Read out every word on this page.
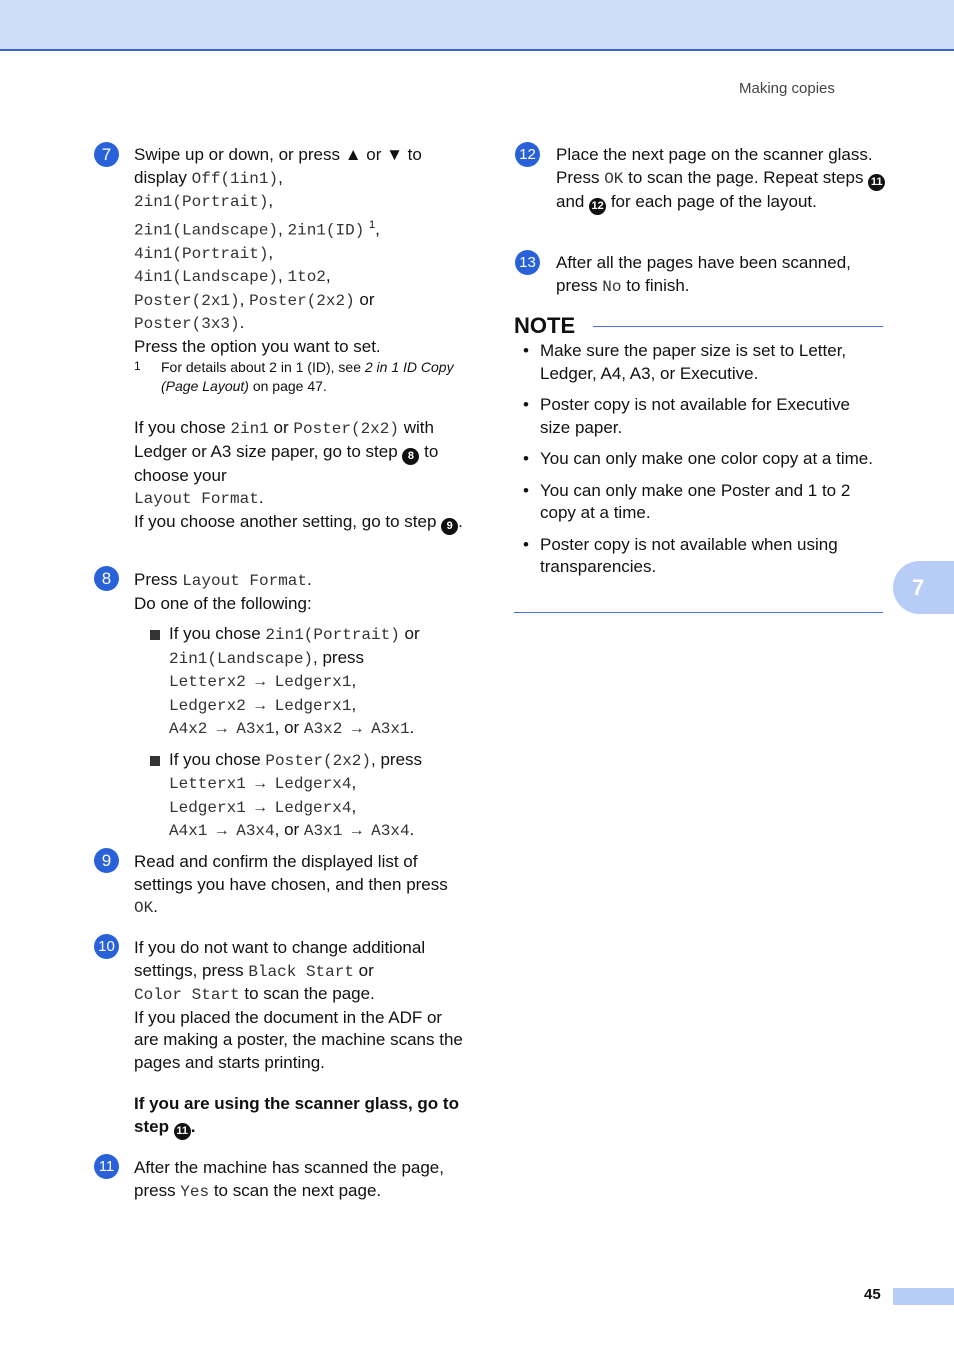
Making copies
7	Swipe up or down, or press ▲ or ▼ to display Off(1in1),
2in1(Portrait),
2in1(Landscape), 2in1(ID) $^1$,
4in1(Portrait),
4in1(Landscape), 1to2,
Poster(2x1), Poster(2x2) or
Poster(3x3).
Press the option you want to set.
1 For details about 2 in 1 (ID), see 2 in 1 ID Copy (Page Layout) on page 47.
If you chose 2in1 or Poster(2x2) with Ledger or A3 size paper, go to step 8 to choose your
Layout Format.
If you choose another setting, go to step 9 .
8	Press Layout Format.
Do one of the following:
If you chose 2in1(Portrait) or
2in1(Landscape), press
Letterx2 → Ledgerx1,
Ledgerx2 → Ledgerx1,
A4x2 → A3x1, or A3x2 → A3x1.
If you chose Poster(2x2), press
Letterx1 → Ledgerx4,
Ledgerx1 → Ledgerx4,
A4x1 → A3x4, or A3x1 → A3x4.
9	Read and confirm the displayed list of settings you have chosen, and then press OK.
10 If you do not want to change additional settings, press Black Start or
Color Start to scan the page.
If you placed the document in the ADF or are making a poster, the machine scans the pages and starts printing.
If you are using the scanner glass, go to step 11 .
11 After the machine has scanned the page, press Yes to scan the next page.
12 Place the next page on the scanner glass. Press OK to scan the page. Repeat steps 11 and 12 for each page of the layout.
13 After all the pages have been scanned, press No to finish.
NOTE
• Make sure the paper size is set to Letter, Ledger, A4, A3, or Executive.
• Poster copy is not available for Executive size paper.
• You can only make one color copy at a time.
• You can only make one Poster and 1 to 2 copy at a time.
• Poster copy is not available when using transparencies.
7
45
